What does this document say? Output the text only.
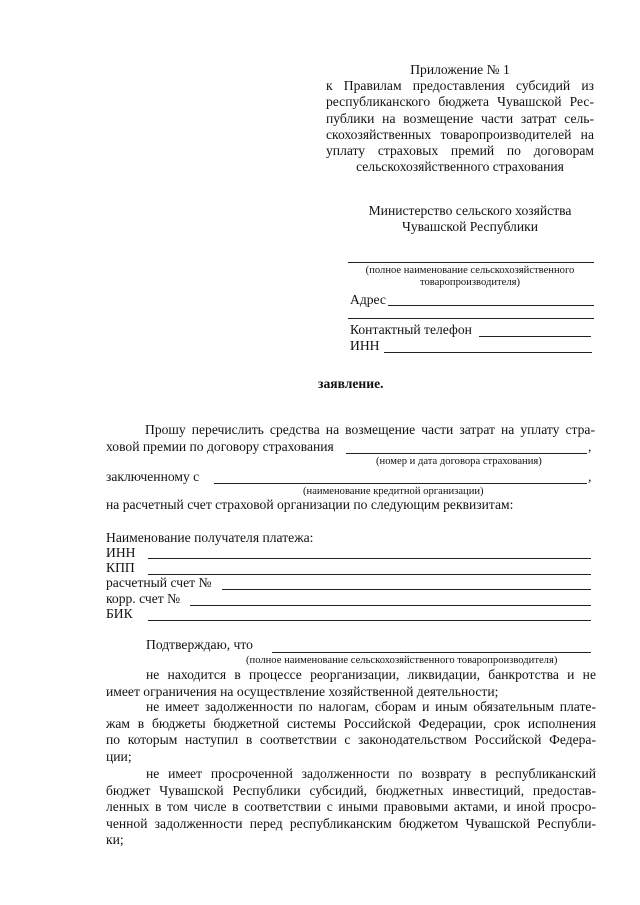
Приложение № 1
к Правилам предоставления субсидий из
республиканского бюджета Чувашской Рес-
публики на возмещение части затрат сель-
скохозяйственных товаропроизводителей на
уплату страховых премий по договорам
сельскохозяйственного страхования
Министерство сельского хозяйства
Чувашской Республики
(полное наименование сельскохозяйственного
товаропроизводителя)
Адрес
Контактный телефон
ИНН
заявление.
Прошу перечислить средства на возмещение части затрат на уплату стра-
ховой премии по договору страхования	,
(номер и дата договора страхования)
заключенному с	,
(наименование кредитной организации)
на расчетный счет страховой организации по следующим реквизитам:
Наименование получателя платежа:
ИНН
КПП
расчетный счет №
корр. счет №
БИК
Подтверждаю, что
(полное наименование сельскохозяйственного товаропроизводителя)
не находится в процессе реорганизации, ликвидации, банкротства и не
имеет ограничения на осуществление хозяйственной деятельности;
не имеет задолженности по налогам, сборам и иным обязательным плате-
жам в бюджеты бюджетной системы Российской Федерации, срок исполнения
по которым наступил в соответствии с законодательством Российской Федера-
ции;
не имеет просроченной задолженности по возврату в республиканский
бюджет Чувашской Республики субсидий, бюджетных инвестиций, предостав-
ленных в том числе в соответствии с иными правовыми актами, и иной просро-
ченной задолженности перед республиканским бюджетом Чувашской Республи-
ки;
